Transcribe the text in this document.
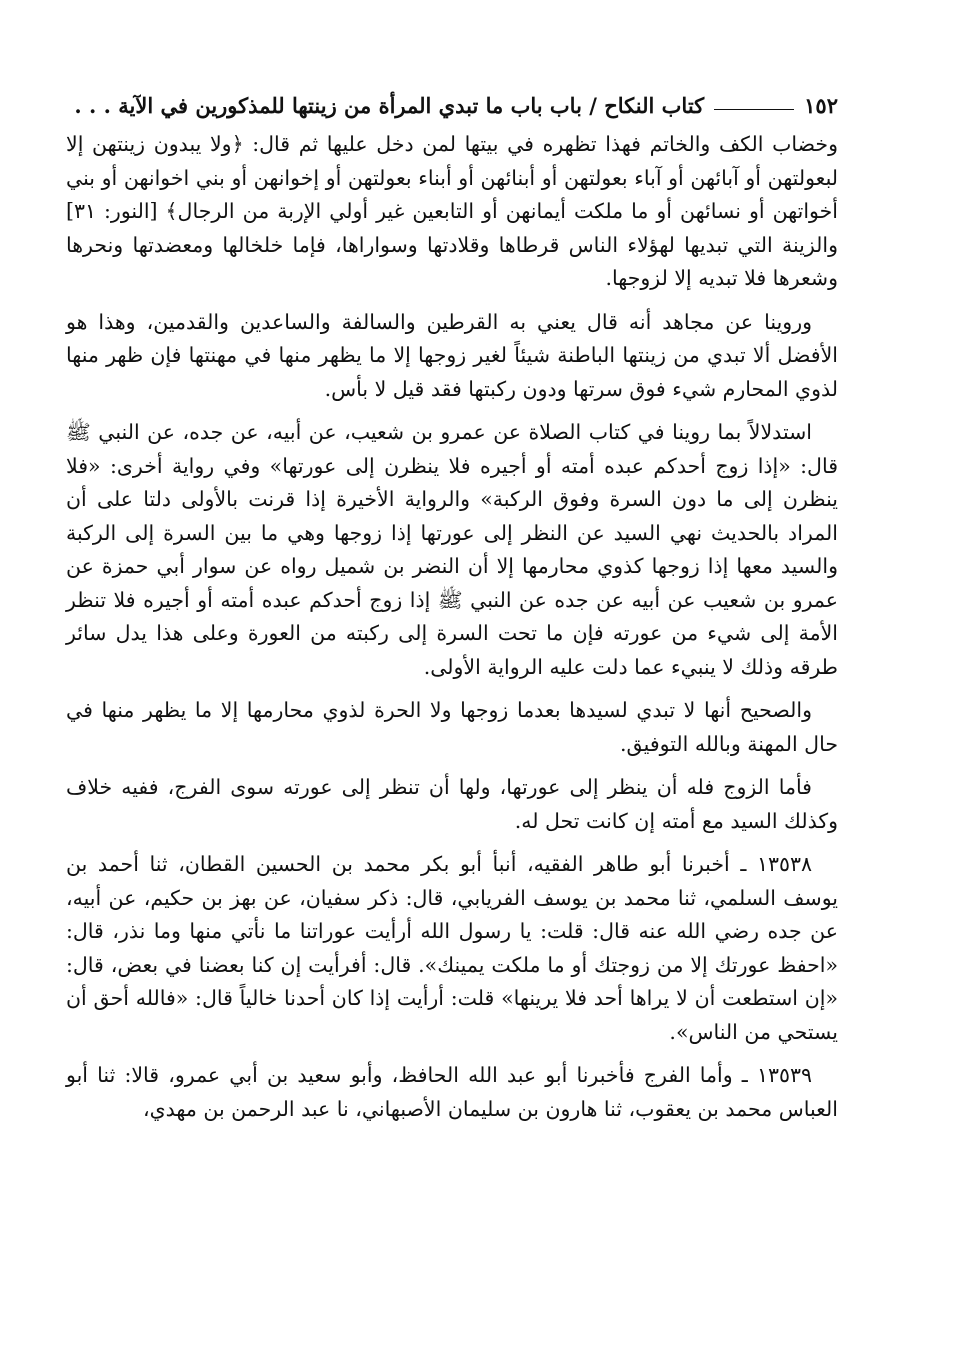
١٥٢
كتاب النكاح / باب باب ما تبدي المرأة من زينتها للمذكورين في الآية . . .

وخضاب الكف والخاتم فهذا تظهره في بيتها لمن دخل عليها ثم قال: ﴿ولا يبدون زينتهن إلا لبعولتهن أو آبائهن أو آباء بعولتهن أو أبنائهن أو أبناء بعولتهن أو إخوانهن أو بني اخوانهن أو بني أخواتهن أو نسائهن أو ما ملكت أيمانهن أو التابعين غير أولي الإربة من الرجال﴾ [النور: ٣١] والزينة التي تبديها لهؤلاء الناس قرطاها وقلادتها وسواراها، فإما خلخالها ومعضدتها ونحرها وشعرها فلا تبديه إلا لزوجها.

وروينا عن مجاهد أنه قال يعني به القرطين والسالفة والساعدين والقدمين، وهذا هو الأفضل ألا تبدي من زينتها الباطنة شيئاً لغير زوجها إلا ما يظهر منها في مهنتها فإن ظهر منها لذوي المحارم شيء فوق سرتها ودون ركبتها فقد قيل لا بأس.

استدلالاً بما روينا في كتاب الصلاة عن عمرو بن شعيب، عن أبيه، عن جده، عن النبي ﷺ قال: «إذا زوج أحدكم عبده أمته أو أجيره فلا ينظرن إلى عورتها» وفي رواية أخرى: «فلا ينظرن إلى ما دون السرة وفوق الركبة» والرواية الأخيرة إذا قرنت بالأولى دلتا على أن المراد بالحديث نهي السيد عن النظر إلى عورتها إذا زوجها وهي ما بين السرة إلى الركبة والسيد معها إذا زوجها كذوي محارمها إلا أن النضر بن شميل رواه عن سوار أبي حمزة عن عمرو بن شعيب عن أبيه عن جده عن النبي ﷺ إذا زوج أحدكم عبده أمته أو أجيره فلا تنظر الأمة إلى شيء من عورته فإن ما تحت السرة إلى ركبته من العورة وعلى هذا يدل سائر طرقه وذلك لا ينبيء عما دلت عليه الرواية الأولى.

والصحيح أنها لا تبدي لسيدها بعدما زوجها ولا الحرة لذوي محارمها إلا ما يظهر منها في حال المهنة وبالله التوفيق.

فأما الزوج فله أن ينظر إلى عورتها، ولها أن تنظر إلى عورته سوى الفرج، ففيه خلاف وكذلك السيد مع أمته إن كانت تحل له.

١٣٥٣٨ ـ أخبرنا أبو طاهر الفقيه، أنبأ أبو بكر محمد بن الحسين القطان، ثنا أحمد بن يوسف السلمي، ثنا محمد بن يوسف الفريابي، قال: ذكر سفيان، عن بهز بن حكيم، عن أبيه، عن جده رضي الله عنه قال: قلت: يا رسول الله أرأيت عوراتنا ما نأتي منها وما نذر، قال: «احفظ عورتك إلا من زوجتك أو ما ملكت يمينك». قال: أفرأيت إن كنا بعضنا في بعض، قال: «إن استطعت أن لا يراها أحد فلا يرينها» قلت: أرأيت إذا كان أحدنا خالياً قال: «فالله أحق أن يستحي من الناس».

١٣٥٣٩ ـ وأما الفرج فأخبرنا أبو عبد الله الحافظ، وأبو سعيد بن أبي عمرو، قالا: ثنا أبو العباس محمد بن يعقوب، ثنا هارون بن سليمان الأصبهاني، نا عبد الرحمن بن مهدي،
